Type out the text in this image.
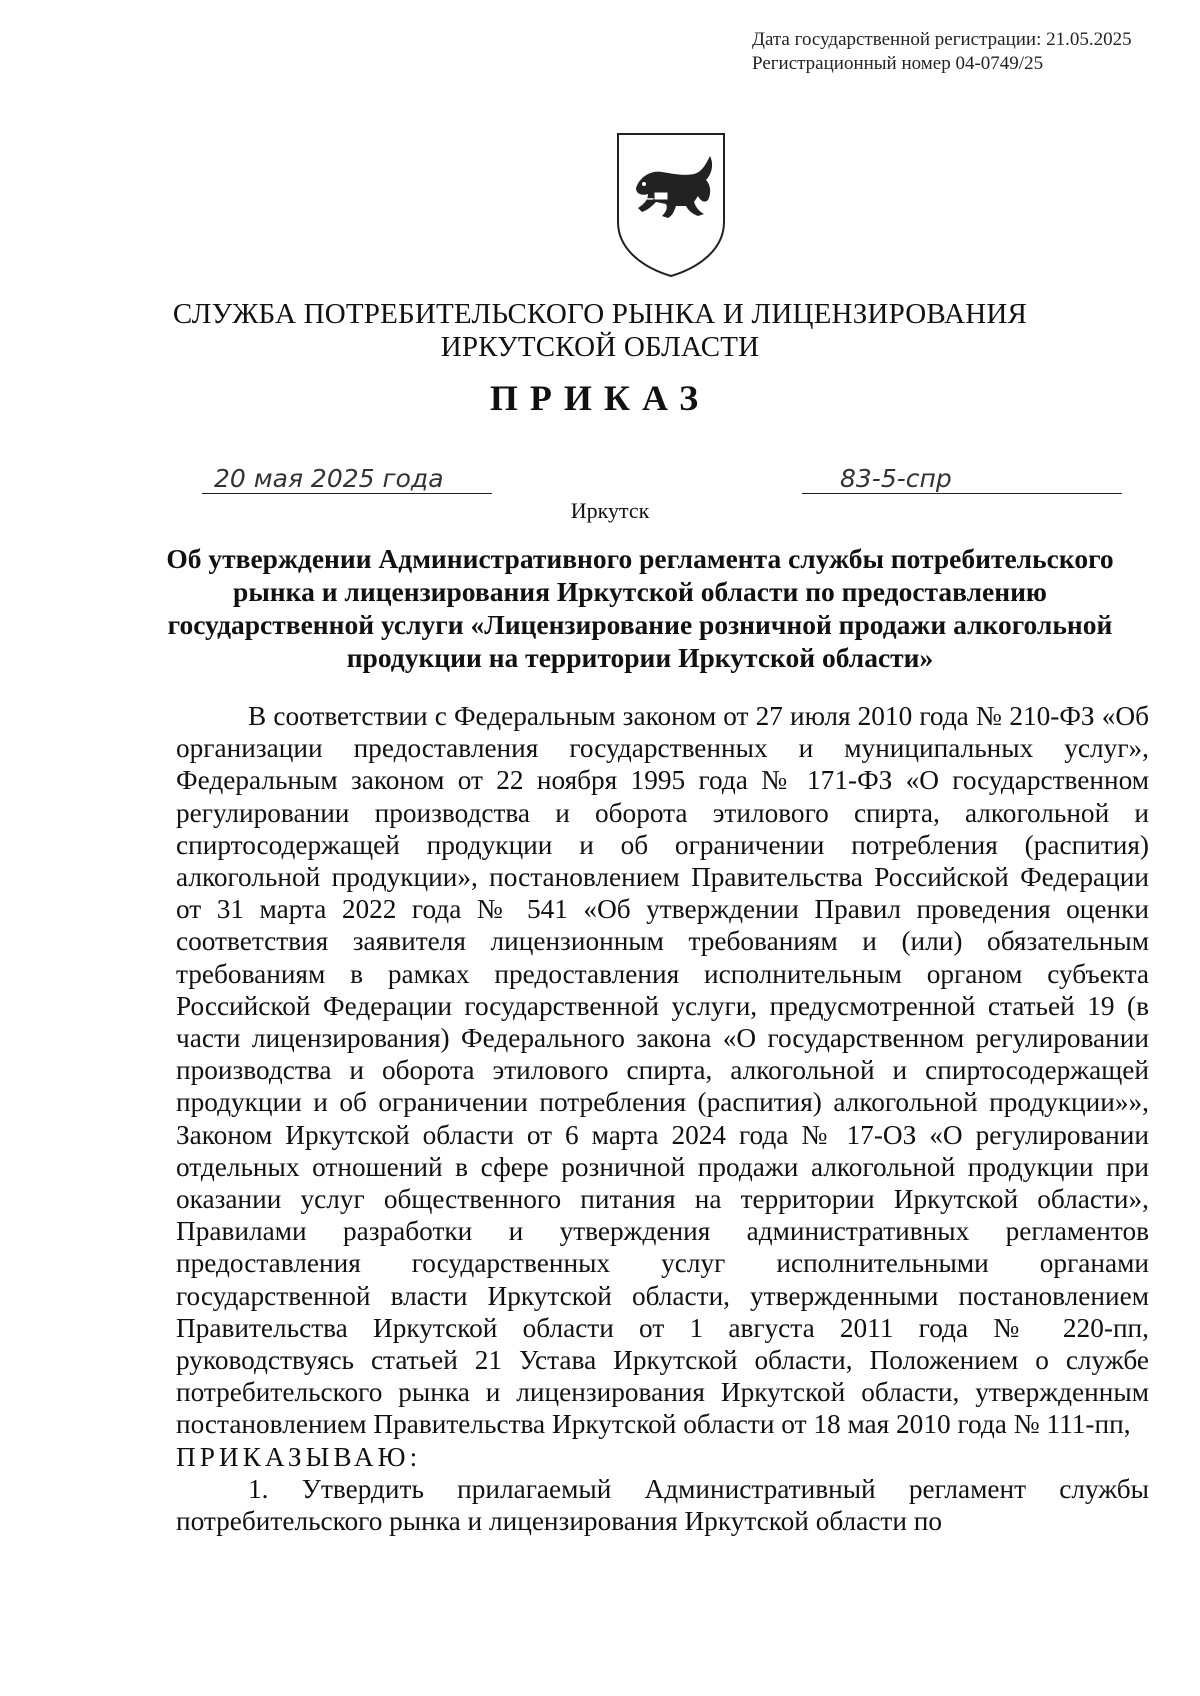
Дата государственной регистрации: 21.05.2025
Регистрационный номер 04-0749/25
СЛУЖБА ПОТРЕБИТЕЛЬСКОГО РЫНКА И ЛИЦЕНЗИРОВАНИЯ
ИРКУТСКОЙ ОБЛАСТИ
ПРИКАЗ
20 мая 2025 года	83-5-спр
Иркутск
Об утверждении Административного регламента службы потребительского рынка и лицензирования Иркутской области по предоставлению государственной услуги «Лицензирование розничной продажи алкогольной продукции на территории Иркутской области»

В соответствии с Федеральным законом от 27 июля 2010 года № 210-ФЗ «Об организации предоставления государственных и муниципальных услуг», Федеральным законом от 22 ноября 1995 года № 171-ФЗ «О государственном регулировании производства и оборота этилового спирта, алкогольной и спиртосодержащей продукции и об ограничении потребления (распития) алкогольной продукции», постановлением Правительства Российской Федерации от 31 марта 2022 года № 541 «Об утверждении Правил проведения оценки соответствия заявителя лицензионным требованиям и (или) обязательным требованиям в рамках предоставления исполнительным органом субъекта Российской Федерации государственной услуги, предусмотренной статьей 19 (в части лицензирования) Федерального закона «О государственном регулировании производства и оборота этилового спирта, алкогольной и спиртосодержащей продукции и об ограничении потребления (распития) алкогольной продукции»», Законом Иркутской области от 6 марта 2024 года № 17-ОЗ «О регулировании отдельных отношений в сфере розничной продажи алкогольной продукции при оказании услуг общественного питания на территории Иркутской области», Правилами разработки и утверждения административных регламентов предоставления государственных услуг исполнительными органами государственной власти Иркутской области, утвержденными постановлением Правительства Иркутской области от 1 августа 2011 года № 220-пп, руководствуясь статьей 21 Устава Иркутской области, Положением о службе потребительского рынка и лицензирования Иркутской области, утвержденным постановлением Правительства Иркутской области от 18 мая 2010 года № 111-пп,

ПРИКАЗЫВАЮ:

1. Утвердить прилагаемый Административный регламент службы потребительского рынка и лицензирования Иркутской области по
